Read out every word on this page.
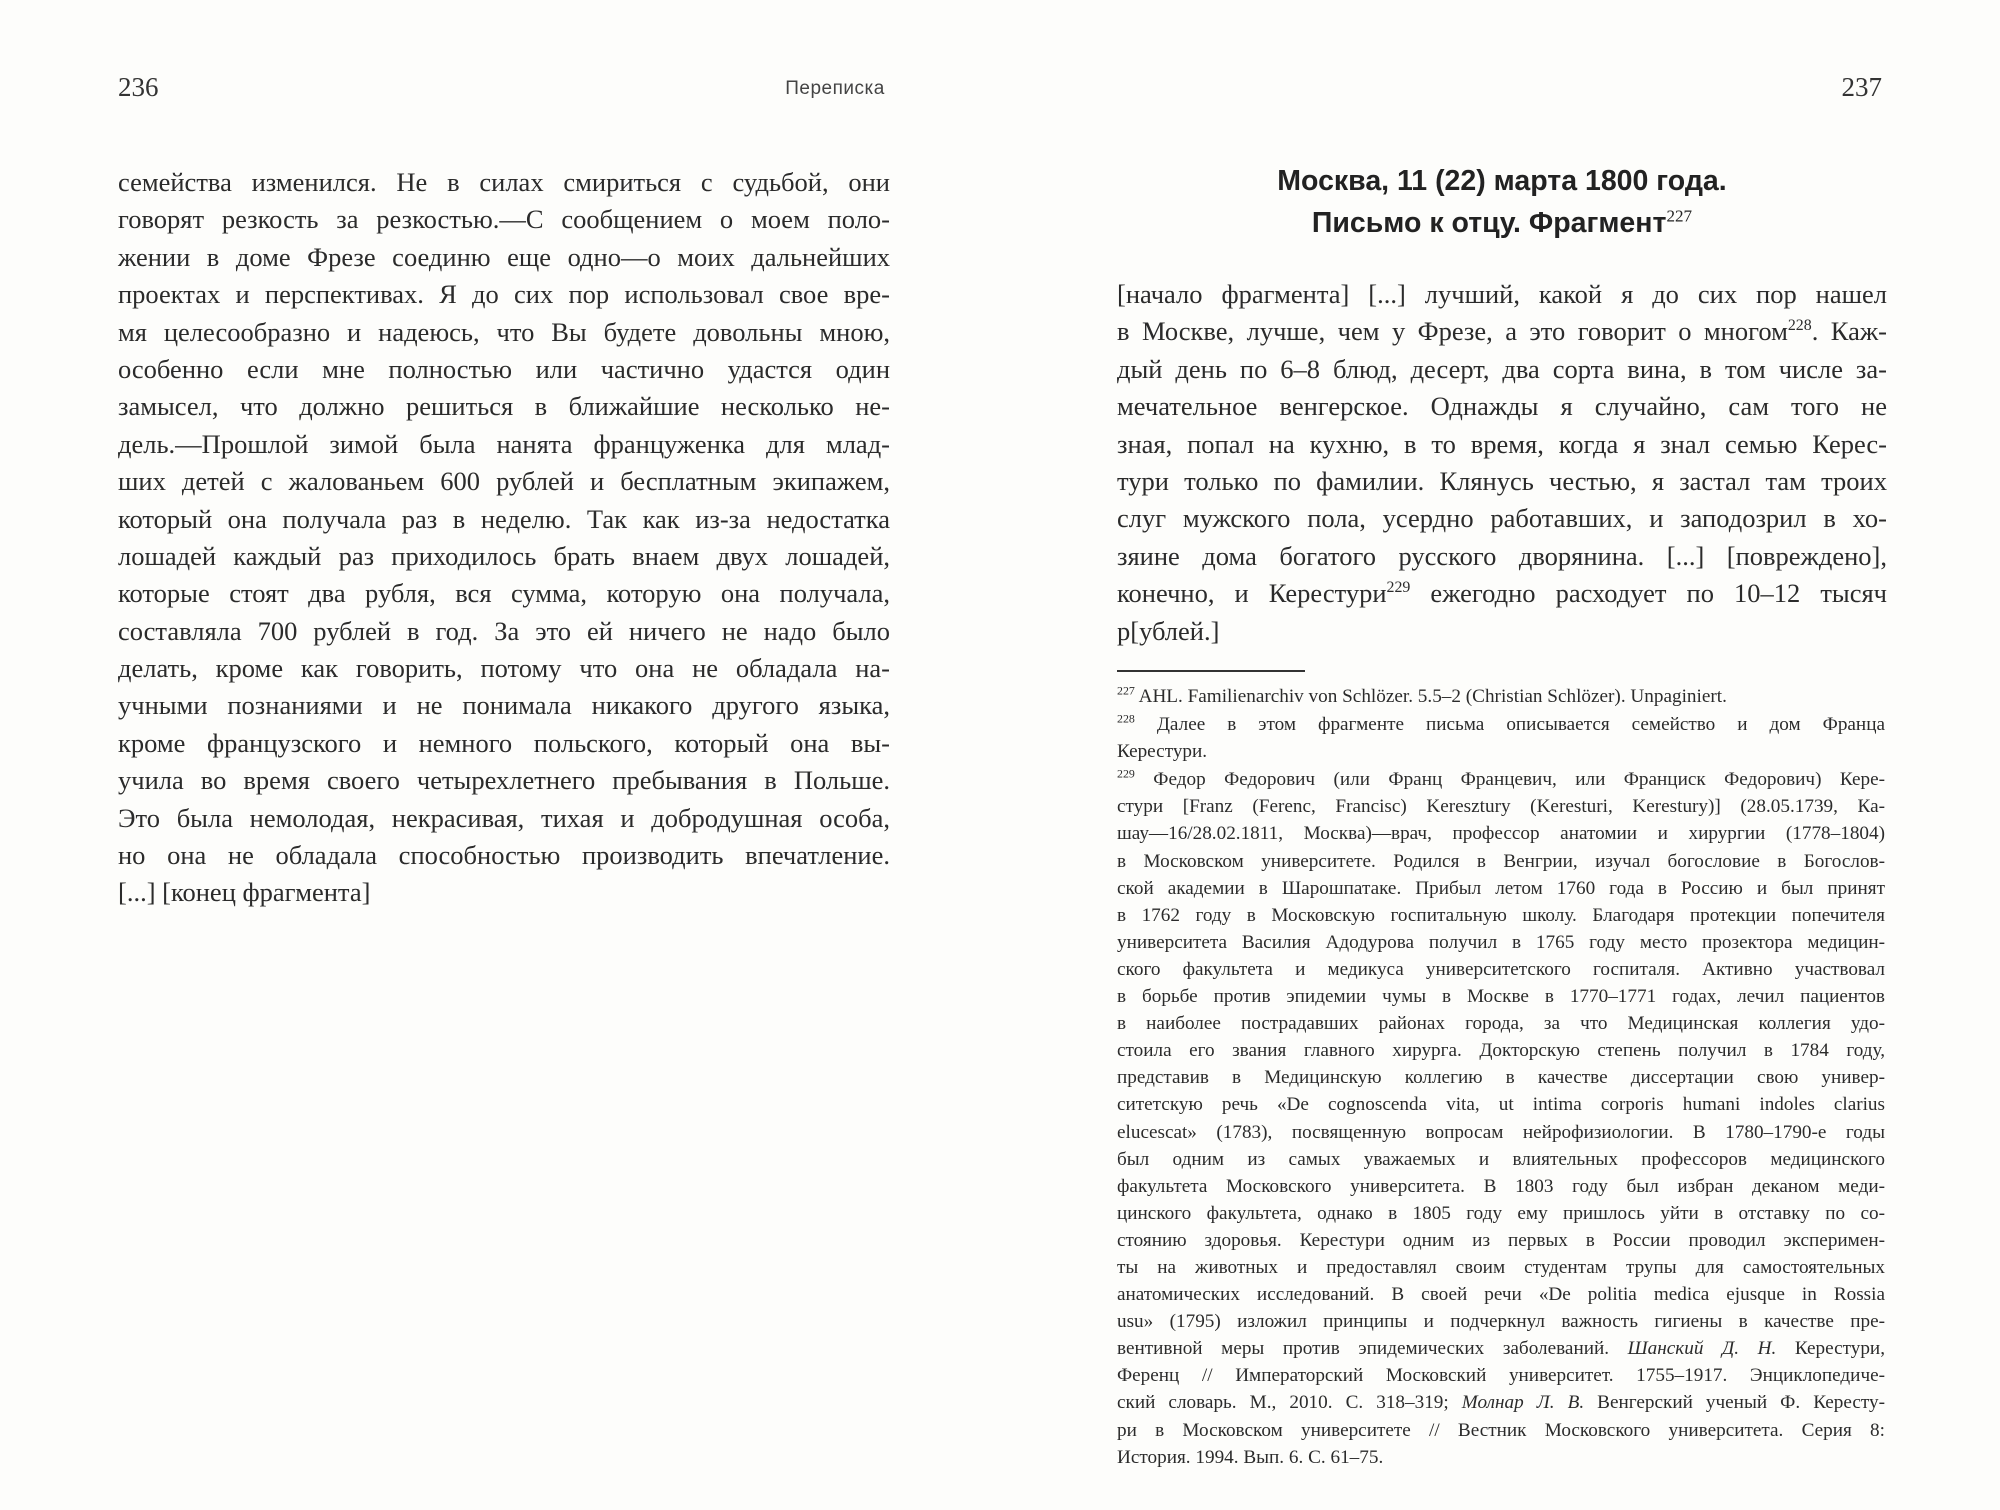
236	Переписка	237
семейства изменился. Не в силах смириться с судьбой, они
говорят резкость за резкостью.—С сообщением о моем поло-
жении в доме Фрезе соединю еще одно—о моих дальнейших
проектах и перспективах. Я до сих пор использовал свое вре-
мя целесообразно и надеюсь, что Вы будете довольны мною,
особенно если мне полностью или частично удастся один
замысел, что должно решиться в ближайшие несколько не-
дель.—Прошлой зимой была нанята француженка для млад-
ших детей с жалованьем 600 рублей и бесплатным экипажем,
который она получала раз в неделю. Так как из-за недостатка
лошадей каждый раз приходилось брать внаем двух лошадей,
которые стоят два рубля, вся сумма, которую она получала,
составляла 700 рублей в год. За это ей ничего не надо было
делать, кроме как говорить, потому что она не обладала на-
учными познаниями и не понимала никакого другого языка,
кроме французского и немного польского, который она вы-
учила во время своего четырехлетнего пребывания в Польше.
Это была немолодая, некрасивая, тихая и добродушная особа,
но она не обладала способностью производить впечатление.
[...] [конец фрагмента]
Москва, 11 (22) марта 1800 года.
Письмо к отцу. Фрагмент$^{227}$
[начало фрагмента] [...] лучший, какой я до сих пор нашел
в Москве, лучше, чем у Фрезе, а это говорит о многом$^{228}$. Каж-
дый день по 6–8 блюд, десерт, два сорта вина, в том числе за-
мечательное венгерское. Однажды я случайно, сам того не
зная, попал на кухню, в то время, когда я знал семью Керес-
тури только по фамилии. Клянусь честью, я застал там троих
слуг мужского пола, усердно работавших, и заподозрил в хо-
зяине дома богатого русского дворянина. [...] [повреждено],
конечно, и Керестури$^{229}$ ежегодно расходует по 10–12 тысяч
р[ублей.]
$^{227}$ AHL. Familienarchiv von Schlözer. 5.5–2 (Christian Schlözer). Unpaginiert.
$^{228}$ Далее в этом фрагменте письма описывается семейство и дом Франца
Керестури.
$^{229}$ Федор Федорович (или Франц Францевич, или Франциск Федорович) Кере-
стури [Franz (Ferenc, Francisc) Keresztury (Keresturi, Kerestury)] (28.05.1739, Ка-
шау—16/28.02.1811, Москва)—врач, профессор анатомии и хирургии (1778–1804)
в Московском университете. Родился в Венгрии, изучал богословие в Богослов-
ской академии в Шарошпатаке. Прибыл летом 1760 года в Россию и был принят
в 1762 году в Московскую госпитальную школу. Благодаря протекции попечителя
университета Василия Адодурова получил в 1765 году место прозектора медицин-
ского факультета и медикуса университетского госпиталя. Активно участвовал
в борьбе против эпидемии чумы в Москве в 1770–1771 годах, лечил пациентов
в наиболее пострадавших районах города, за что Медицинская коллегия удо-
стоила его звания главного хирурга. Докторскую степень получил в 1784 году,
представив в Медицинскую коллегию в качестве диссертации свою универ-
ситетскую речь «De cognoscenda vita, ut intima corporis humani indoles clarius
elucescat» (1783), посвященную вопросам нейрофизиологии. В 1780–1790-е годы
был одним из самых уважаемых и влиятельных профессоров медицинского
факультета Московского университета. В 1803 году был избран деканом меди-
цинского факультета, однако в 1805 году ему пришлось уйти в отставку по со-
стоянию здоровья. Керестури одним из первых в России проводил эксперимен-
ты на животных и предоставлял своим студентам трупы для самостоятельных
анатомических исследований. В своей речи «De politia medica ejusque in Rossia
usu» (1795) изложил принципы и подчеркнул важность гигиены в качестве пре-
вентивной меры против эпидемических заболеваний. Шанский Д. Н. Керестури,
Ференц // Императорский Московский университет. 1755–1917. Энциклопедиче-
ский словарь. М., 2010. С. 318–319; Молнар Л. В. Венгерский ученый Ф. Кересту-
ри в Московском университете // Вестник Московского университета. Серия 8:
История. 1994. Вып. 6. С. 61–75.
